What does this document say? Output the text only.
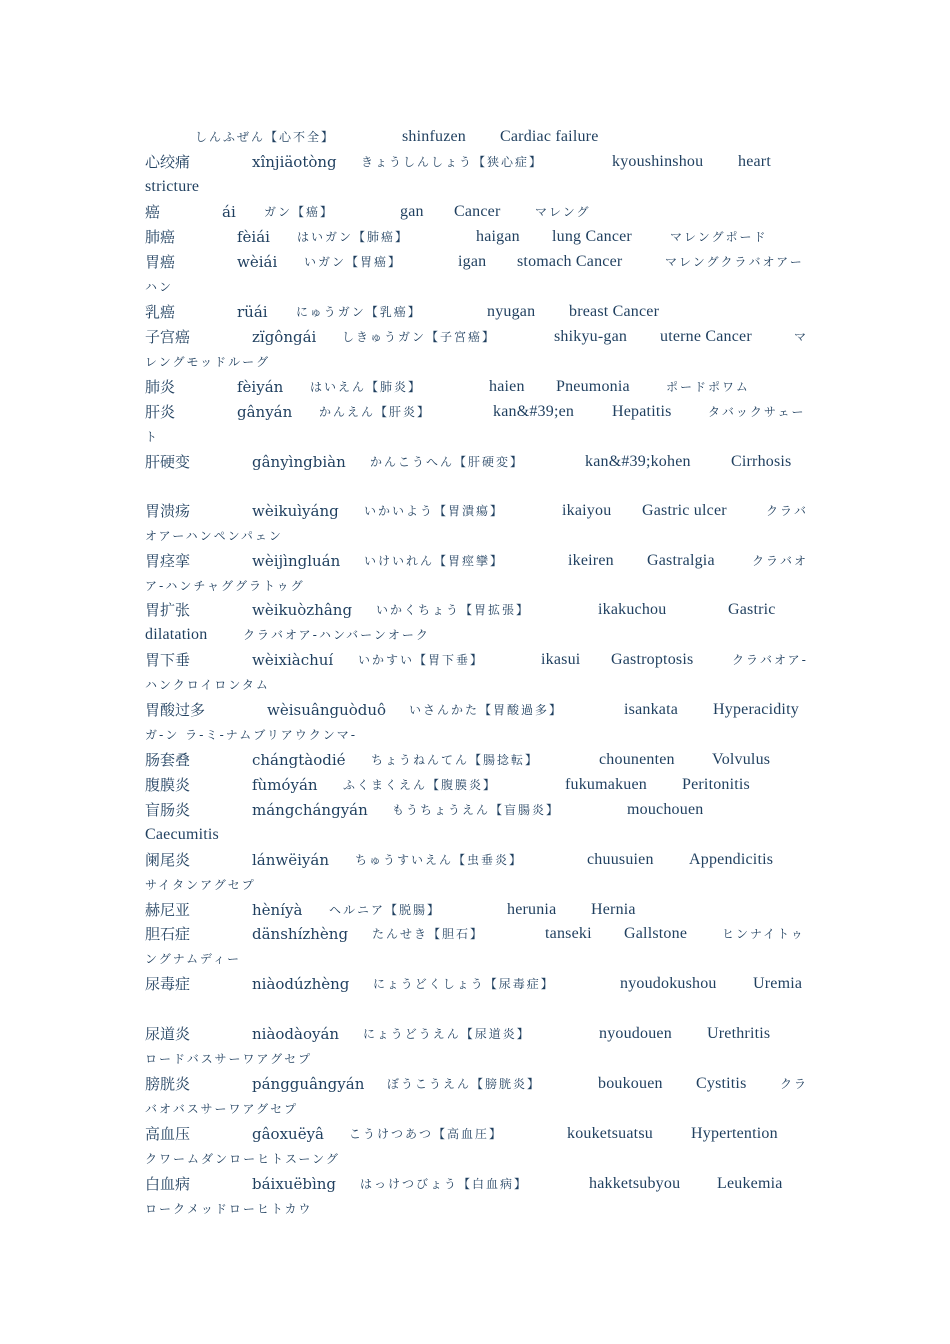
しんふぜん【心不全】	shinfuzen Cardiac failure
心绞痛	xînjiäotòng きょうしんしょう【狭心症】	kyoushinshou heart
stricture
癌	ái ガン【癌】	gan Cancer	マレング
肺癌	fèiái はいガン【肺癌】	haigan lung Cancer	マレングポード
胃癌	wèiái いガン【胃癌】	igan stomach Cancer	マレングクラバオアー
ハン
乳癌	rüái にゅうガン【乳癌】	nyugan breast Cancer
子宫癌	zïgôngái しきゅうガン【子宮癌】	shikyu-gan uterne Cancer	マ
レングモッドルーグ
肺炎	fèiyán はいえん【肺炎】	haien Pneumonia	ポードポワム
肝炎	gânyán かんえん【肝炎】	kan&#39;en Hepatitis	タバックサェー
ト
肝硬变	gânyìngbiàn かんこうへん【肝硬変】	kan&#39;kohen	Cirrhosis
胃溃疡	wèikuìyáng いかいよう【胃潰瘍】	ikaiyou Gastric ulcer	クラバ
オアーハンペンパェン
胃痉挛	wèijìngluán いけいれん【胃痙攣】	ikeiren Gastralgia	クラバオ
ア-ハンチャググラトゥグ
胃扩张	wèikuòzhâng いかくちょう【胃拡張】	ikakuchou	Gastric
dilatation	クラバオア-ハンバーンオーク
胃下垂	wèixiàchuí いかすい【胃下垂】	ikasui Gastroptosis	クラバオア-
ハンクロイロンタム
胃酸过多	wèisuânguòduô いさんかた【胃酸過多】	isankata Hyperacidity
ガ-ン ラ-ミ-ナムブリアウクンマ-
肠套叠	chángtàodié ちょうねんてん【腸捻転】	chounenten Volvulus
腹膜炎	fùmóyán ふくまくえん【腹膜炎】	fukumakuen Peritonitis
盲肠炎	mángchángyán もうちょうえん【盲腸炎】	mouchouen
Caecumitis
阑尾炎	lánwëiyán ちゅうすいえん【虫垂炎】	chuusuien Appendicitis
サイタンアグセプ
赫尼亚	hèníyà ヘルニア【脱腸】	herunia Hernia
胆石症	dänshízhèng たんせき【胆石】	tanseki Gallstone	ヒンナイトゥ
ングナムディー
尿毒症	niàodúzhèng にょうどくしょう【尿毒症】	nyoudokushou Uremia
尿道炎	niàodàoyán にょうどうえん【尿道炎】	nyoudouen Urethritis
ロードバスサーワアグセプ
膀胱炎	pángguângyán ぼうこうえん【膀胱炎】	boukouen Cystitis	クラ
バオバスサーワアグセプ
高血压	gâoxuëyâ こうけつあつ【高血圧】	kouketsuatsu Hypertention
クワームダンローヒトスーング
白血病	báixuëbìng はっけつびょう【白血病】	hakketsubyou Leukemia
ロークメッドローヒトカウ
